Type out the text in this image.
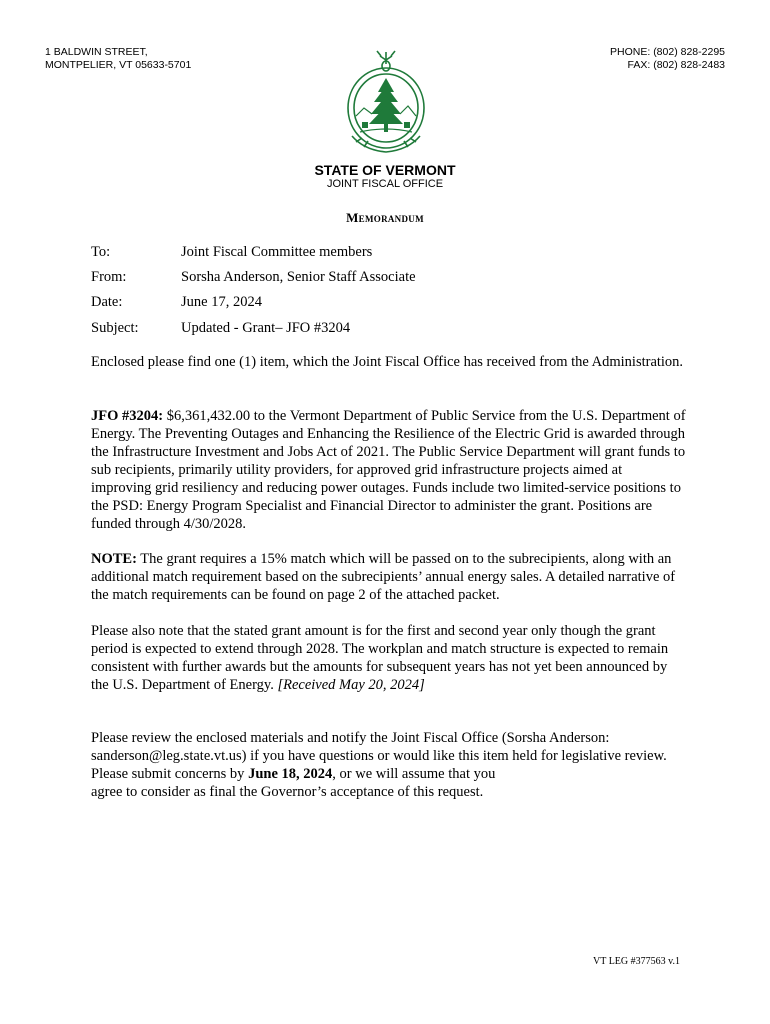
1 BALDWIN STREET,
MONTPELIER, VT 05633-5701
PHONE: (802) 828-2295
FAX: (802) 828-2483
STATE OF VERMONT
JOINT FISCAL OFFICE
Memorandum
To:	Joint Fiscal Committee members
From:	Sorsha Anderson, Senior Staff Associate
Date:	June 17, 2024
Subject:	Updated - Grant– JFO #3204

Enclosed please find one (1) item, which the Joint Fiscal Office has received from the Administration.

JFO #3204: $6,361,432.00 to the Vermont Department of Public Service from the U.S. Department of Energy. The Preventing Outages and Enhancing the Resilience of the Electric Grid is awarded through the Infrastructure Investment and Jobs Act of 2021. The Public Service Department will grant funds to sub recipients, primarily utility providers, for approved grid infrastructure projects aimed at improving grid resiliency and reducing power outages. Funds include two limited-service positions to the PSD: Energy Program Specialist and Financial Director to administer the grant. Positions are funded through 4/30/2028.

NOTE: The grant requires a 15% match which will be passed on to the subrecipients, along with an additional match requirement based on the subrecipients’ annual energy sales. A detailed narrative of the match requirements can be found on page 2 of the attached packet.

Please also note that the stated grant amount is for the first and second year only though the grant period is expected to extend through 2028. The workplan and match structure is expected to remain consistent with further awards but the amounts for subsequent years has not yet been announced by the U.S. Department of Energy. [Received May 20, 2024]

Please review the enclosed materials and notify the Joint Fiscal Office (Sorsha Anderson: sanderson@leg.state.vt.us) if you have questions or would like this item held for legislative review. Please submit concerns by June 18, 2024, or we will assume that you
agree to consider as final the Governor’s acceptance of this request.

VT LEG #377563 v.1
